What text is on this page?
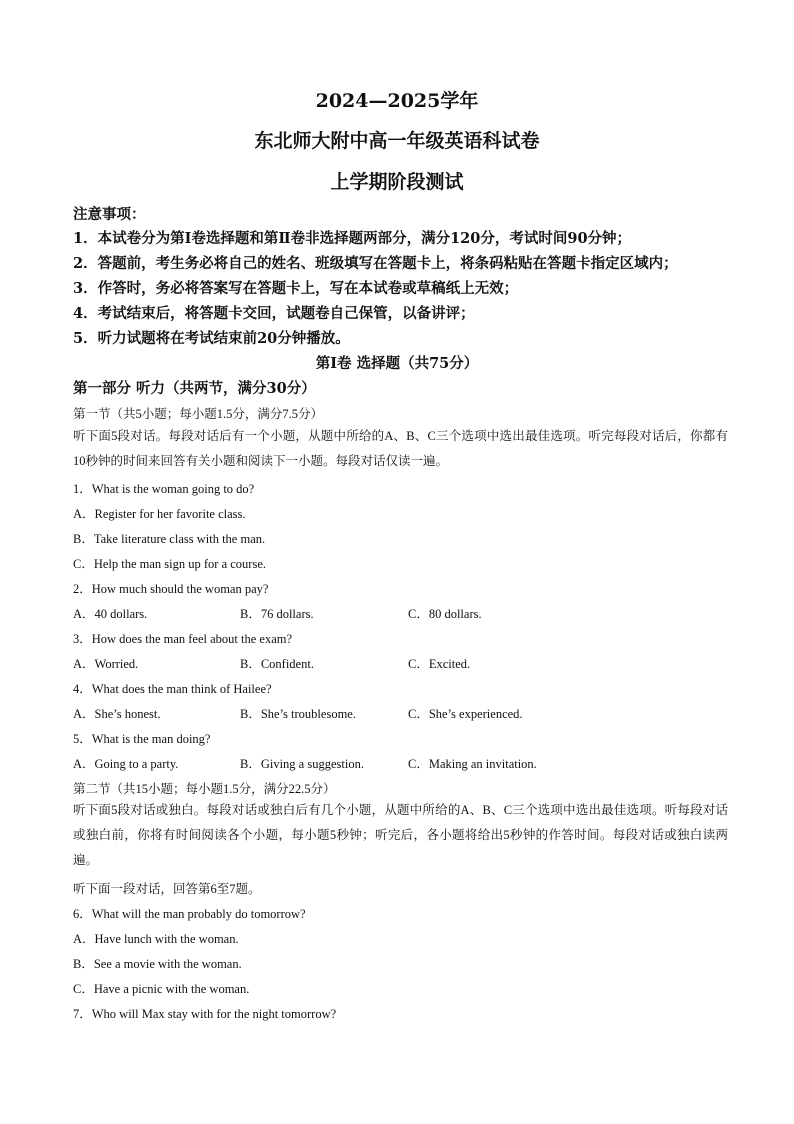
2024—2025学年
东北师大附中高一年级英语科试卷
上学期阶段测试
注意事项：
1．本试卷分为第Ⅰ卷选择题和第Ⅱ卷非选择题两部分，满分120分，考试时间90分钟；
2．答题前，考生务必将自己的姓名、班级填写在答题卡上，将条码粘贴在答题卡指定区域内；
3．作答时，务必将答案写在答题卡上，写在本试卷或草稿纸上无效；
4．考试结束后，将答题卡交回，试题卷自己保管，以备讲评；
5．听力试题将在考试结束前20分钟播放。
第Ⅰ卷 选择题（共75分）
第一部分 听力（共两节，满分30分）
第一节（共5小题；每小题1.5分，满分7.5分）
听下面5段对话。每段对话后有一个小题，从题中所给的A、B、C三个选项中选出最佳选项。听完每段对话后，你都有10秒钟的时间来回答有关小题和阅读下一小题。每段对话仅读一遍。
1．What is the woman going to do?
A．Register for her favorite class.
B．Take literature class with the man.
C．Help the man sign up for a course.
2．How much should the woman pay?
A．40 dollars.	B．76 dollars.	C．80 dollars.
3．How does the man feel about the exam?
A．Worried.	B．Confident.	C．Excited.
4．What does the man think of Hailee?
A．She’s honest.	B．She’s troublesome.	C．She’s experienced.
5．What is the man doing?
A．Going to a party.	B．Giving a suggestion.	C．Making an invitation.
第二节（共15小题；每小题1.5分，满分22.5分）
听下面5段对话或独白。每段对话或独白后有几个小题，从题中所给的A、B、C三个选项中选出最佳选项。听每段对话或独白前，你将有时间阅读各个小题，每小题5秒钟；听完后，各小题将给出5秒钟的作答时间。每段对话或独白读两遍。
听下面一段对话，回答第6至7题。
6．What will the man probably do tomorrow?
A．Have lunch with the woman.
B．See a movie with the woman.
C．Have a picnic with the woman.
7．Who will Max stay with for the night tomorrow?
